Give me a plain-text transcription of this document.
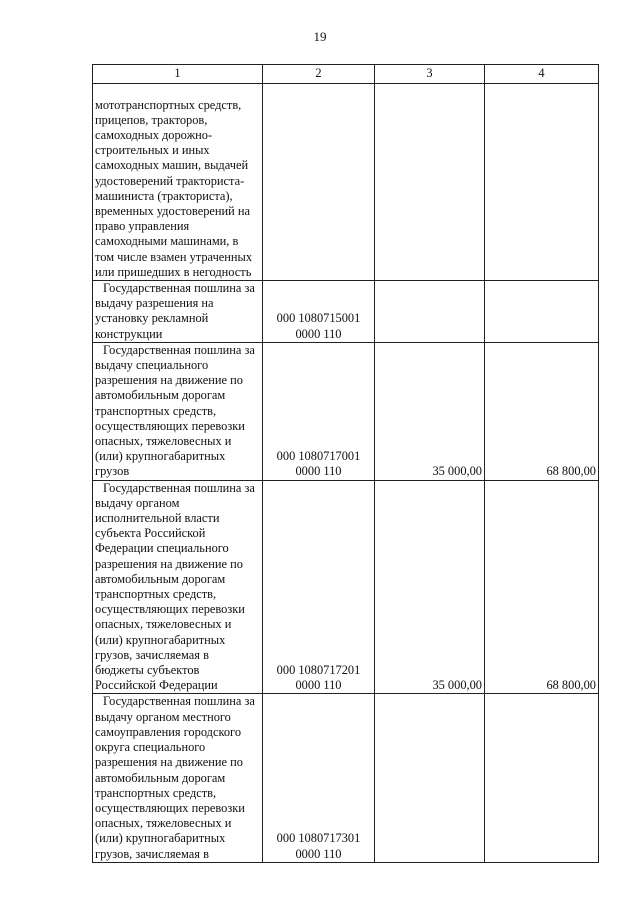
19
1	2	3	4
мототранспортных средств, прицепов, тракторов, самоходных дорожно-строительных и иных самоходных машин, выдачей удостоверений тракториста-машиниста (тракториста), временных удостоверений на право управления самоходными машинами, в том числе взамен утраченных или пришедших в негодность			
Государственная пошлина за выдачу разрешения на установку рекламной конструкции	000 1080715001 0000 110		
Государственная пошлина за выдачу специального разрешения на движение по автомобильным дорогам транспортных средств, осуществляющих перевозки опасных, тяжеловесных и (или) крупногабаритных грузов	000 1080717001 0000 110	35 000,00	68 800,00
Государственная пошлина за выдачу органом исполнительной власти субъекта Российской Федерации специального разрешения на движение по автомобильным дорогам транспортных средств, осуществляющих перевозки опасных, тяжеловесных и (или) крупногабаритных грузов, зачисляемая в бюджеты субъектов Российской Федерации	000 1080717201 0000 110	35 000,00	68 800,00
Государственная пошлина за выдачу органом местного самоуправления городского округа специального разрешения на движение по автомобильным дорогам транспортных средств, осуществляющих перевозки опасных, тяжеловесных и (или) крупногабаритных грузов, зачисляемая в	000 1080717301 0000 110		
